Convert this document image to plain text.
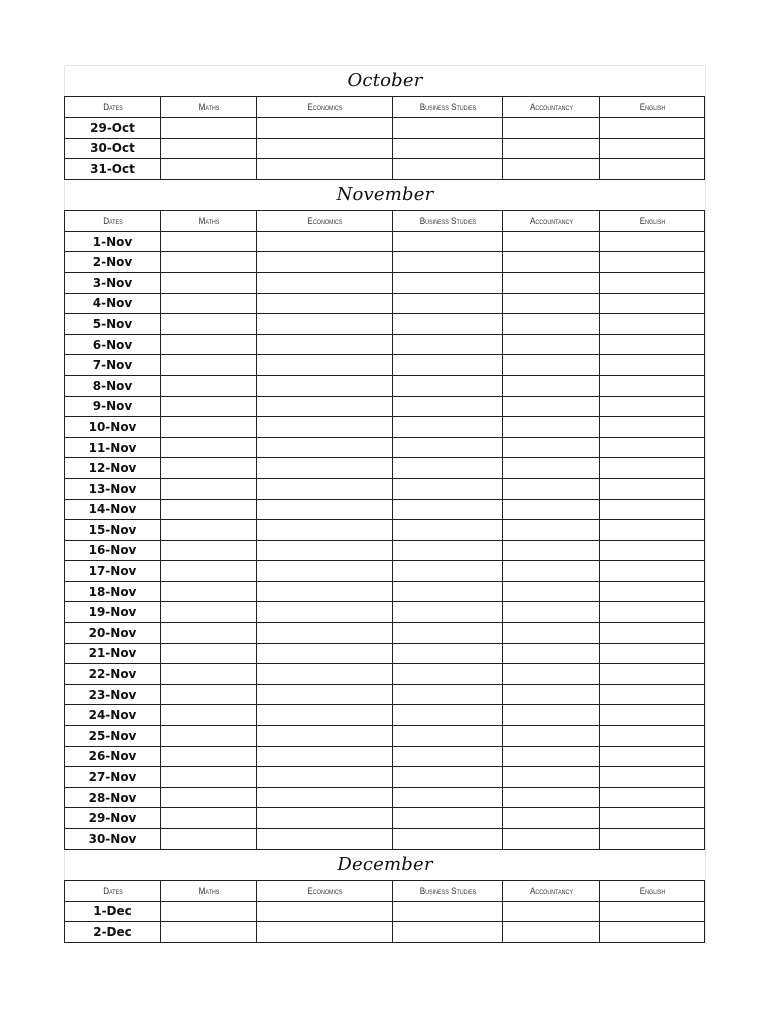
October
Dates	Maths	Economics	Business Studies	Accountancy	English
29-Oct					
30-Oct					
31-Oct					
November
Dates	Maths	Economics	Business Studies	Accountancy	English
1-Nov					
2-Nov					
3-Nov					
4-Nov					
5-Nov					
6-Nov					
7-Nov					
8-Nov					
9-Nov					
10-Nov					
11-Nov					
12-Nov					
13-Nov					
14-Nov					
15-Nov					
16-Nov					
17-Nov					
18-Nov					
19-Nov					
20-Nov					
21-Nov					
22-Nov					
23-Nov					
24-Nov					
25-Nov					
26-Nov					
27-Nov					
28-Nov					
29-Nov					
30-Nov					
December
Dates	Maths	Economics	Business Studies	Accountancy	English
1-Dec					
2-Dec					
